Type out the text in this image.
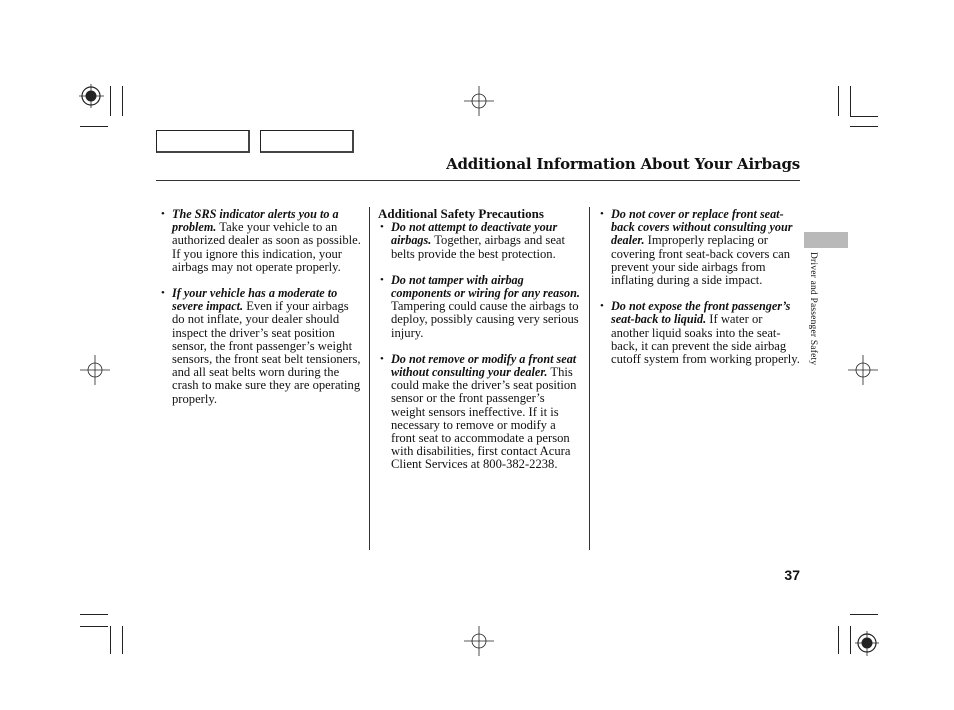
Additional Information About Your Airbags
• The SRS indicator alerts you to a problem. Take your vehicle to an authorized dealer as soon as possible. If you ignore this indication, your airbags may not operate properly.
• If your vehicle has a moderate to severe impact. Even if your airbags do not inflate, your dealer should inspect the driver’s seat position sensor, the front passenger’s weight sensors, the front seat belt tensioners, and all seat belts worn during the crash to make sure they are operating properly.
Additional Safety Precautions
• Do not attempt to deactivate your airbags. Together, airbags and seat belts provide the best protection.
• Do not tamper with airbag components or wiring for any reason. Tampering could cause the airbags to deploy, possibly causing very serious injury.
• Do not remove or modify a front seat without consulting your dealer. This could make the driver’s seat position sensor or the front passenger’s weight sensors ineffective. If it is necessary to remove or modify a front seat to accommodate a person with disabilities, first contact Acura Client Services at 800-382-2238.
• Do not cover or replace front seat-back covers without consulting your dealer. Improperly replacing or covering front seat-back covers can prevent your side airbags from inflating during a side impact.
• Do not expose the front passenger’s seat-back to liquid. If water or another liquid soaks into the seat-back, it can prevent the side airbag cutoff system from working properly. Driver and Passenger Safety
37
